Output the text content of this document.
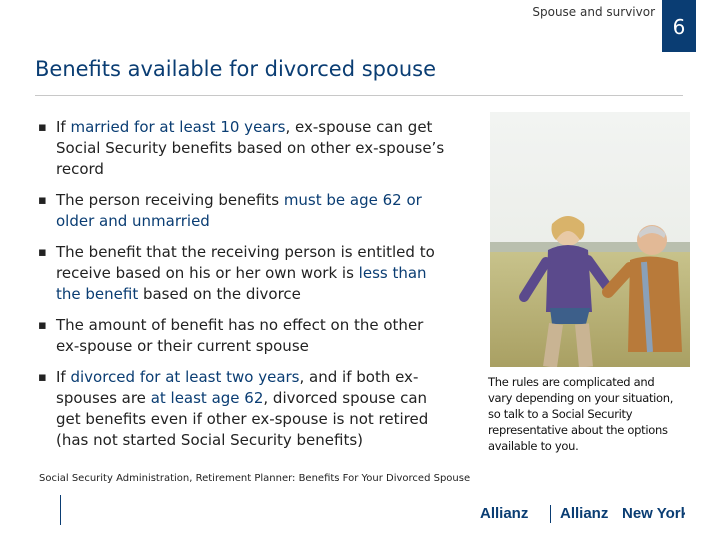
Spouse and survivor
6
Benefits available for divorced spouse
▪ If married for at least 10 years, ex-spouse can get Social Security benefits based on other ex-spouse’s record
▪ The person receiving benefits must be age 62 or older and unmarried
▪ The benefit that the receiving person is entitled to receive based on his or her own work is less than the benefit based on the divorce
▪ The amount of benefit has no effect on the other ex-spouse or their current spouse
▪ If divorced for at least two years, and if both ex-spouses are at least age 62, divorced spouse can get benefits even if other ex-spouse is not retired (has not started Social Security benefits)
The rules are complicated and vary depending on your situation, so talk to a Social Security representative about the options available to you.
Social Security Administration, Retirement Planner: Benefits For Your Divorced Spouse
Allianz Allianz New York
